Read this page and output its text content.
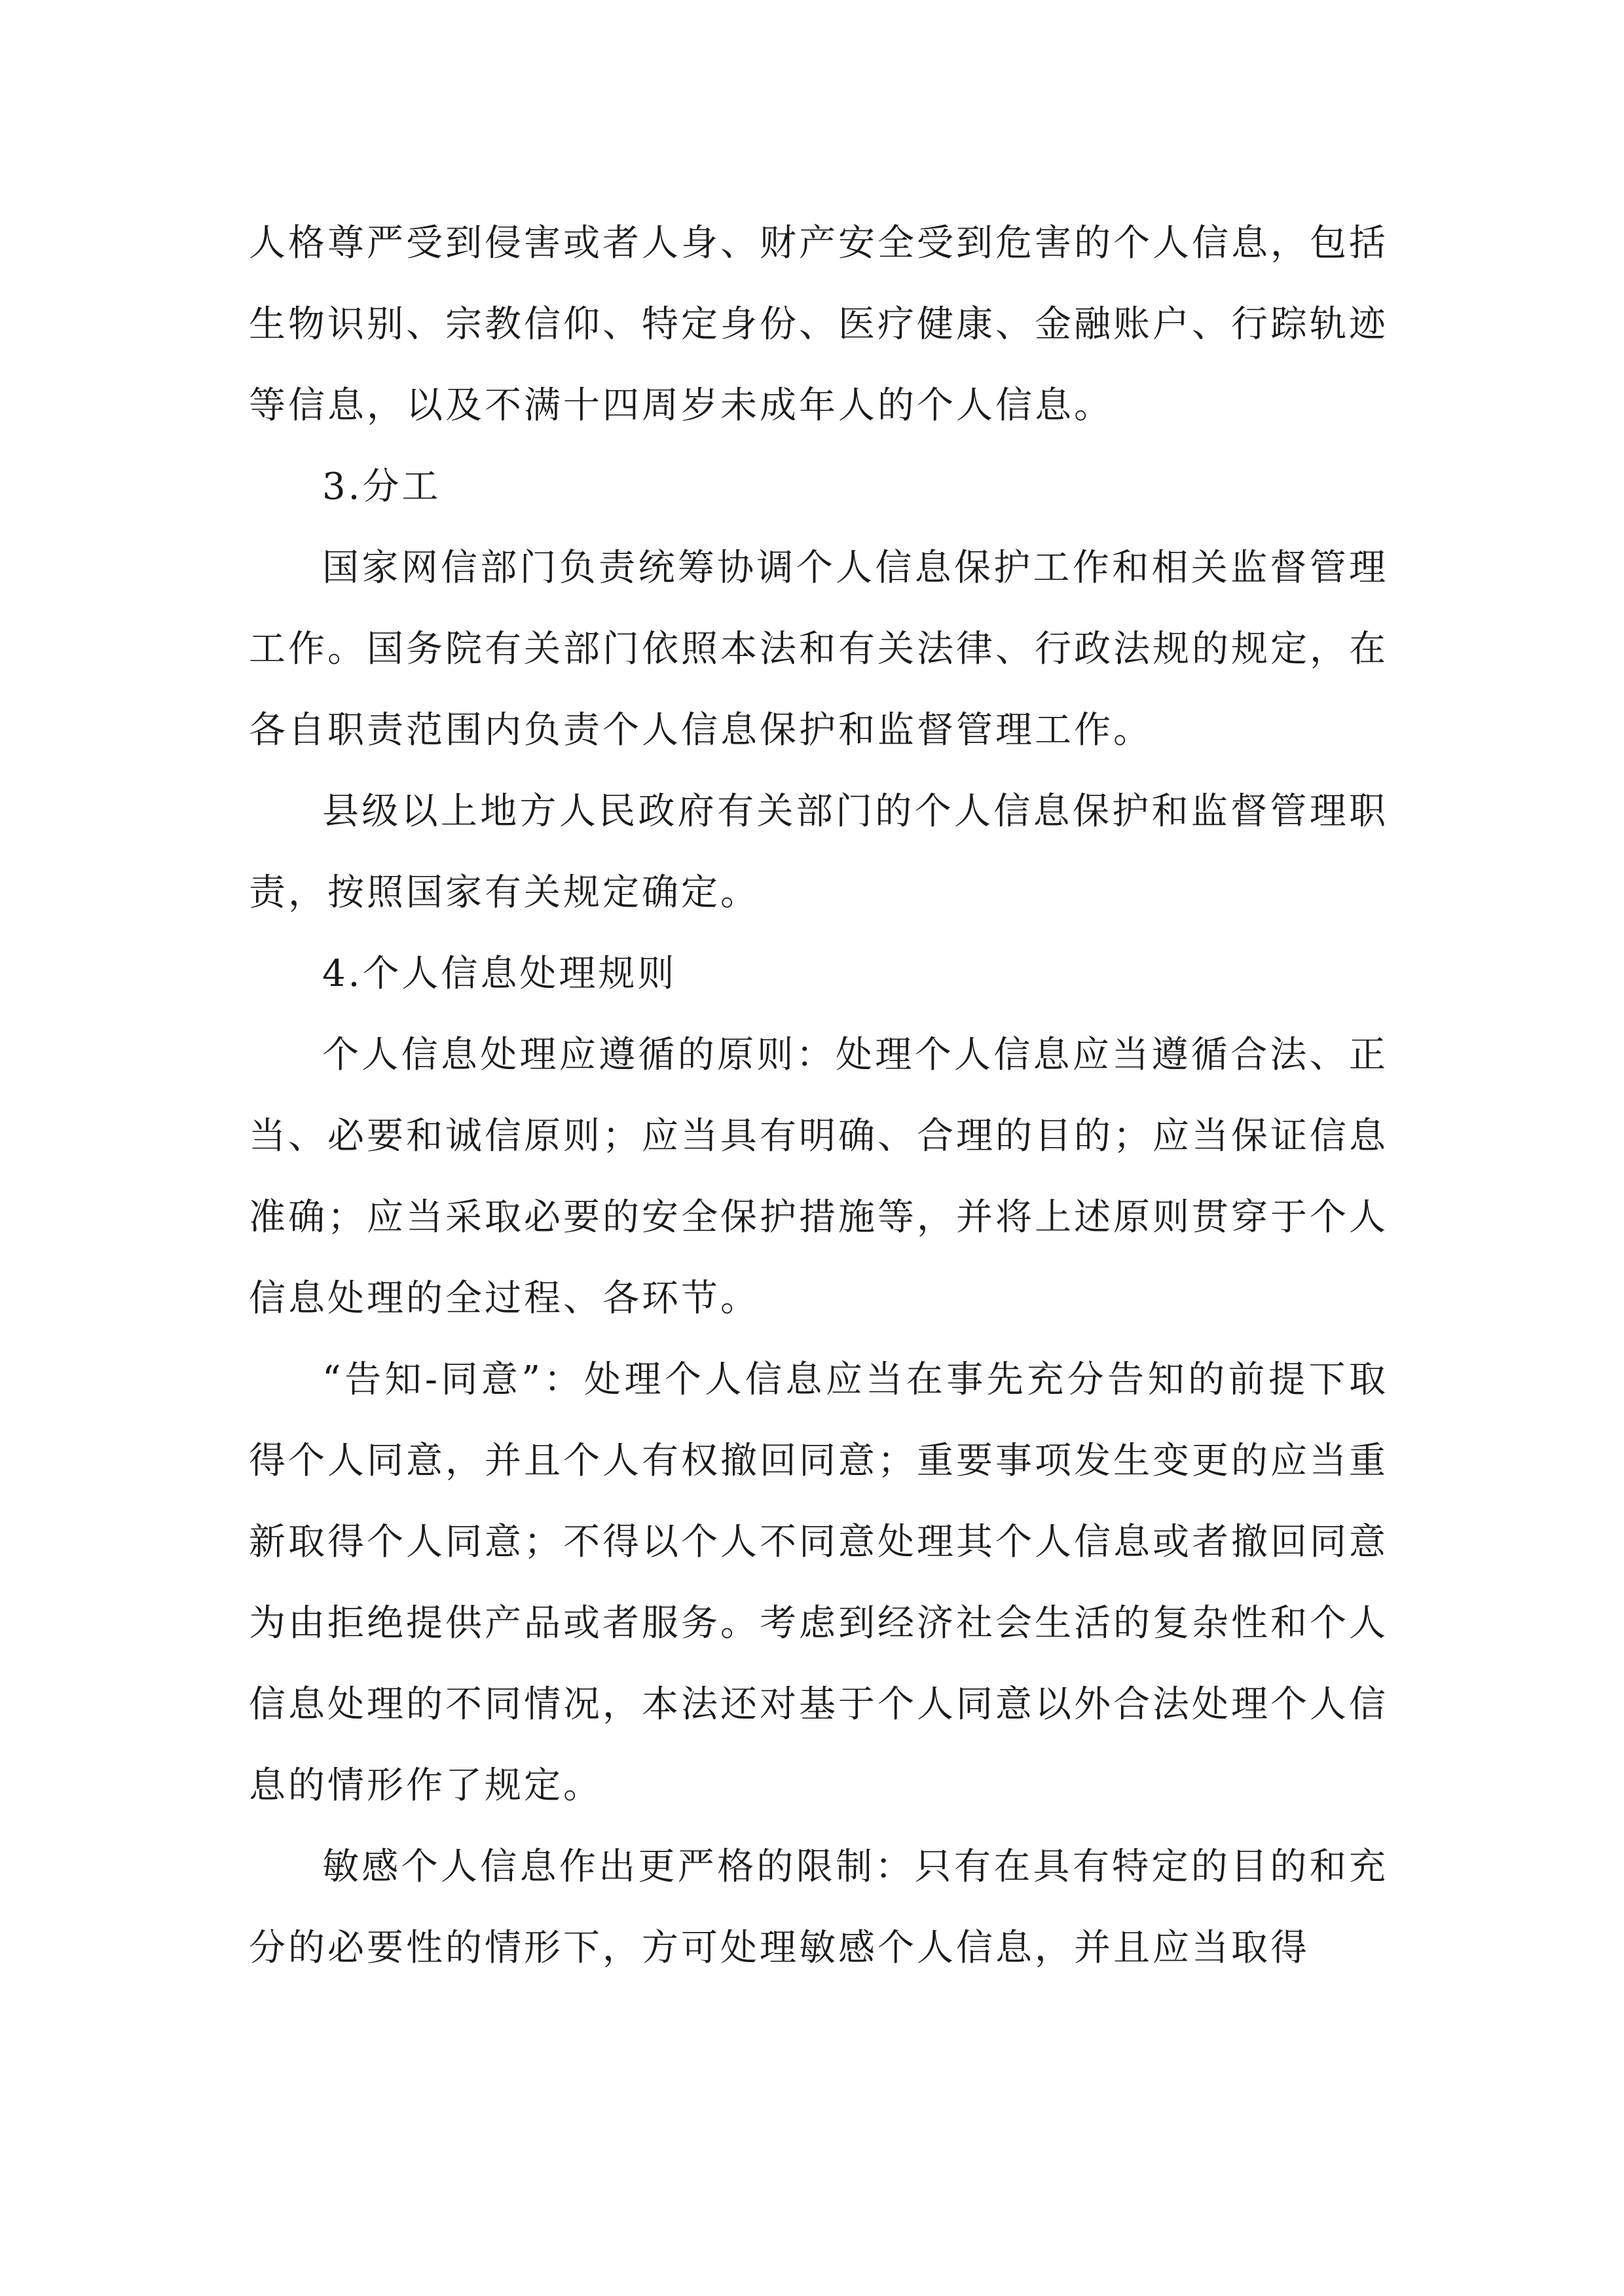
人格尊严受到侵害或者人身、财产安全受到危害的个人信息，包括生物识别、宗教信仰、特定身份、医疗健康、金融账户、行踪轨迹等信息，以及不满十四周岁未成年人的个人信息。

3.分工

国家网信部门负责统筹协调个人信息保护工作和相关监督管理工作。国务院有关部门依照本法和有关法律、行政法规的规定，在各自职责范围内负责个人信息保护和监督管理工作。

县级以上地方人民政府有关部门的个人信息保护和监督管理职责，按照国家有关规定确定。

4.个人信息处理规则

个人信息处理应遵循的原则：处理个人信息应当遵循合法、正当、必要和诚信原则；应当具有明确、合理的目的；应当保证信息准确；应当采取必要的安全保护措施等，并将上述原则贯穿于个人信息处理的全过程、各环节。

“告知-同意”：处理个人信息应当在事先充分告知的前提下取得个人同意，并且个人有权撤回同意；重要事项发生变更的应当重新取得个人同意；不得以个人不同意处理其个人信息或者撤回同意为由拒绝提供产品或者服务。考虑到经济社会生活的复杂性和个人信息处理的不同情况，本法还对基于个人同意以外合法处理个人信息的情形作了规定。

敏感个人信息作出更严格的限制：只有在具有特定的目的和充分的必要性的情形下，方可处理敏感个人信息，并且应当取得
